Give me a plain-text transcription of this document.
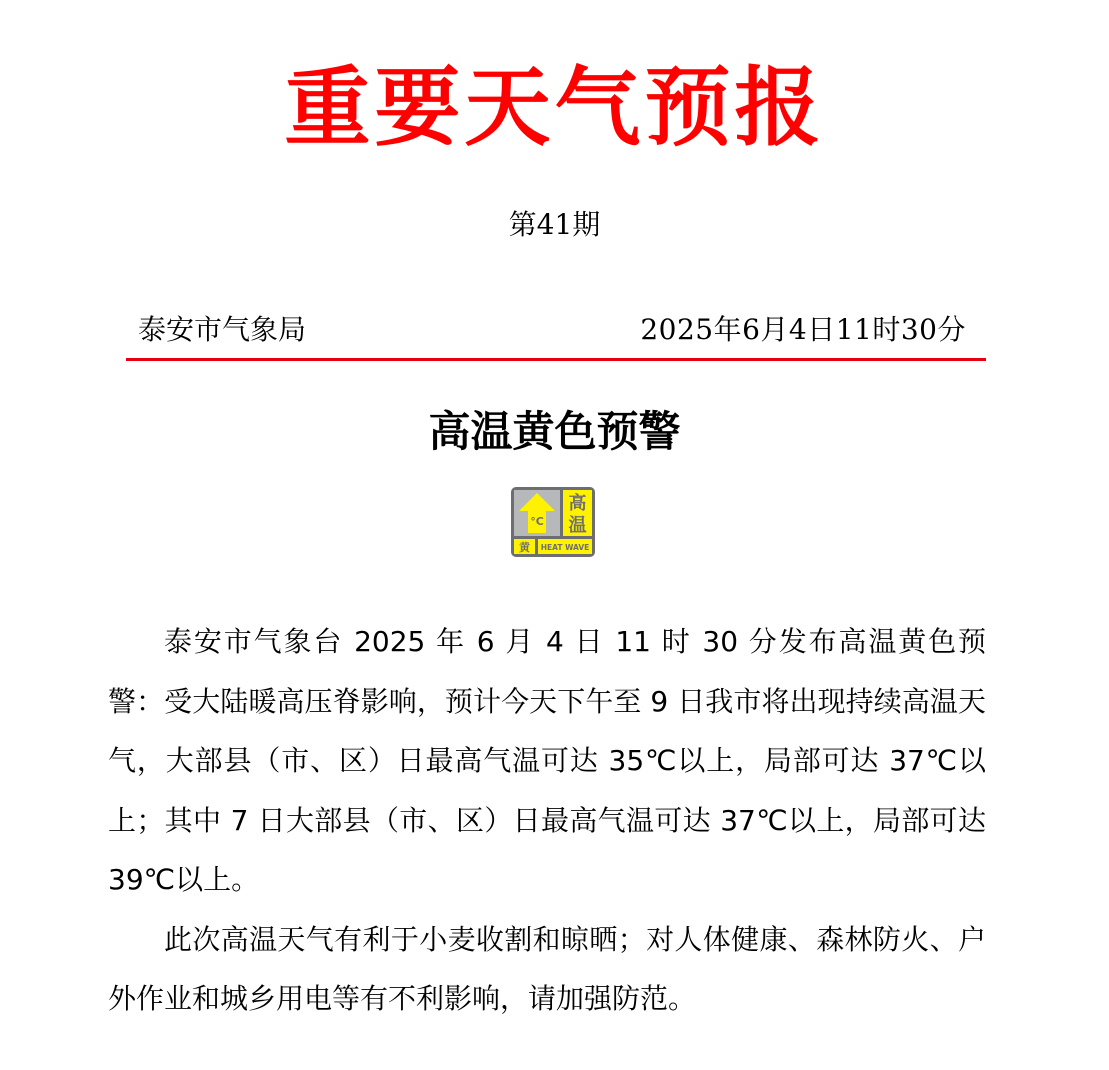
重要天气预报
第41期
泰安市气象局	2025年6月4日11时30分
高温黄色预警
°C
高
温
黄 HEAT WAVE

泰安市气象台 2025 年 6 月 4 日 11 时 30 分发布高温黄色预警：受大陆暖高压脊影响，预计今天下午至 9 日我市将出现持续高温天气，大部县（市、区）日最高气温可达 35℃以上，局部可达 37℃以上；其中 7 日大部县（市、区）日最高气温可达 37℃以上，局部可达 39℃以上。

此次高温天气有利于小麦收割和晾晒；对人体健康、森林防火、户外作业和城乡用电等有不利影响，请加强防范。
